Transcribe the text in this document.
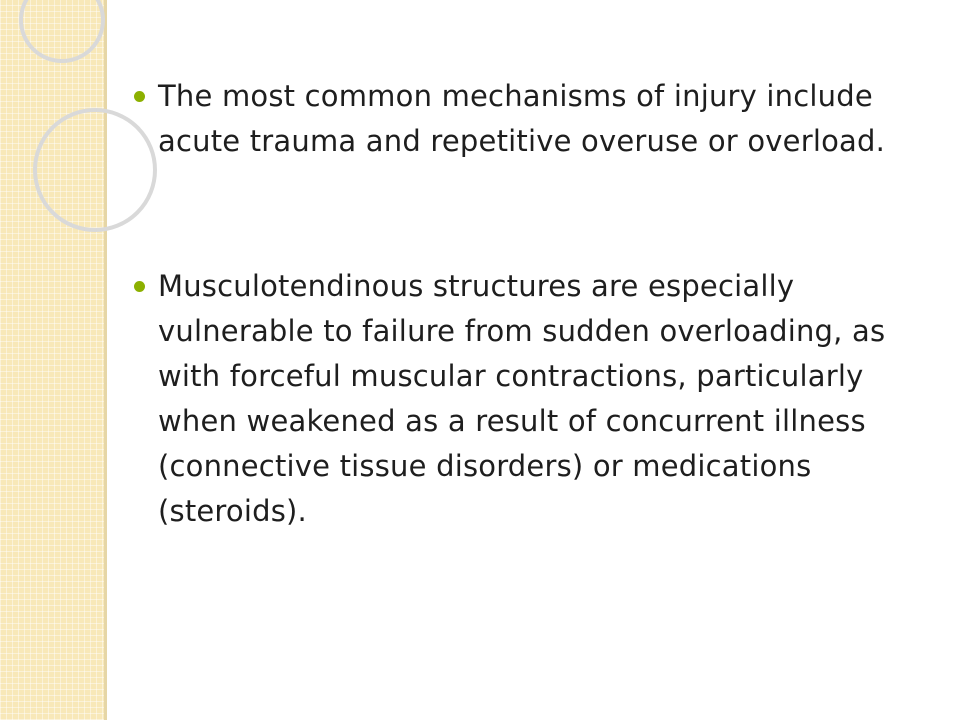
The most common mechanisms of injury include acute trauma and repetitive overuse or overload.
Musculotendinous structures are especially vulnerable to failure from sudden overloading, as with forceful muscular contractions, particularly when weakened as a result of concurrent illness (connective tissue disorders) or medications (steroids).
